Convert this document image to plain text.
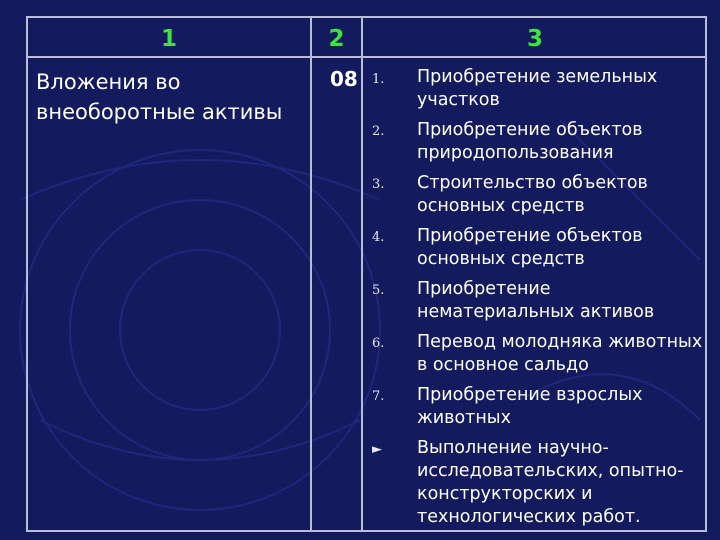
1	2	3
Вложения во внеоборотные активы
08 1. Приобретение земельных участков
2. Приобретение объектов природопользования
3. Строительство объектов основных средств
4. Приобретение объектов основных средств
5. Приобретение нематериальных активов
6. Перевод молодняка животных в основное сальдо
7. Приобретение взрослых животных
► Выполнение научно-исследовательских, опытно-конструкторских и технологических работ.
